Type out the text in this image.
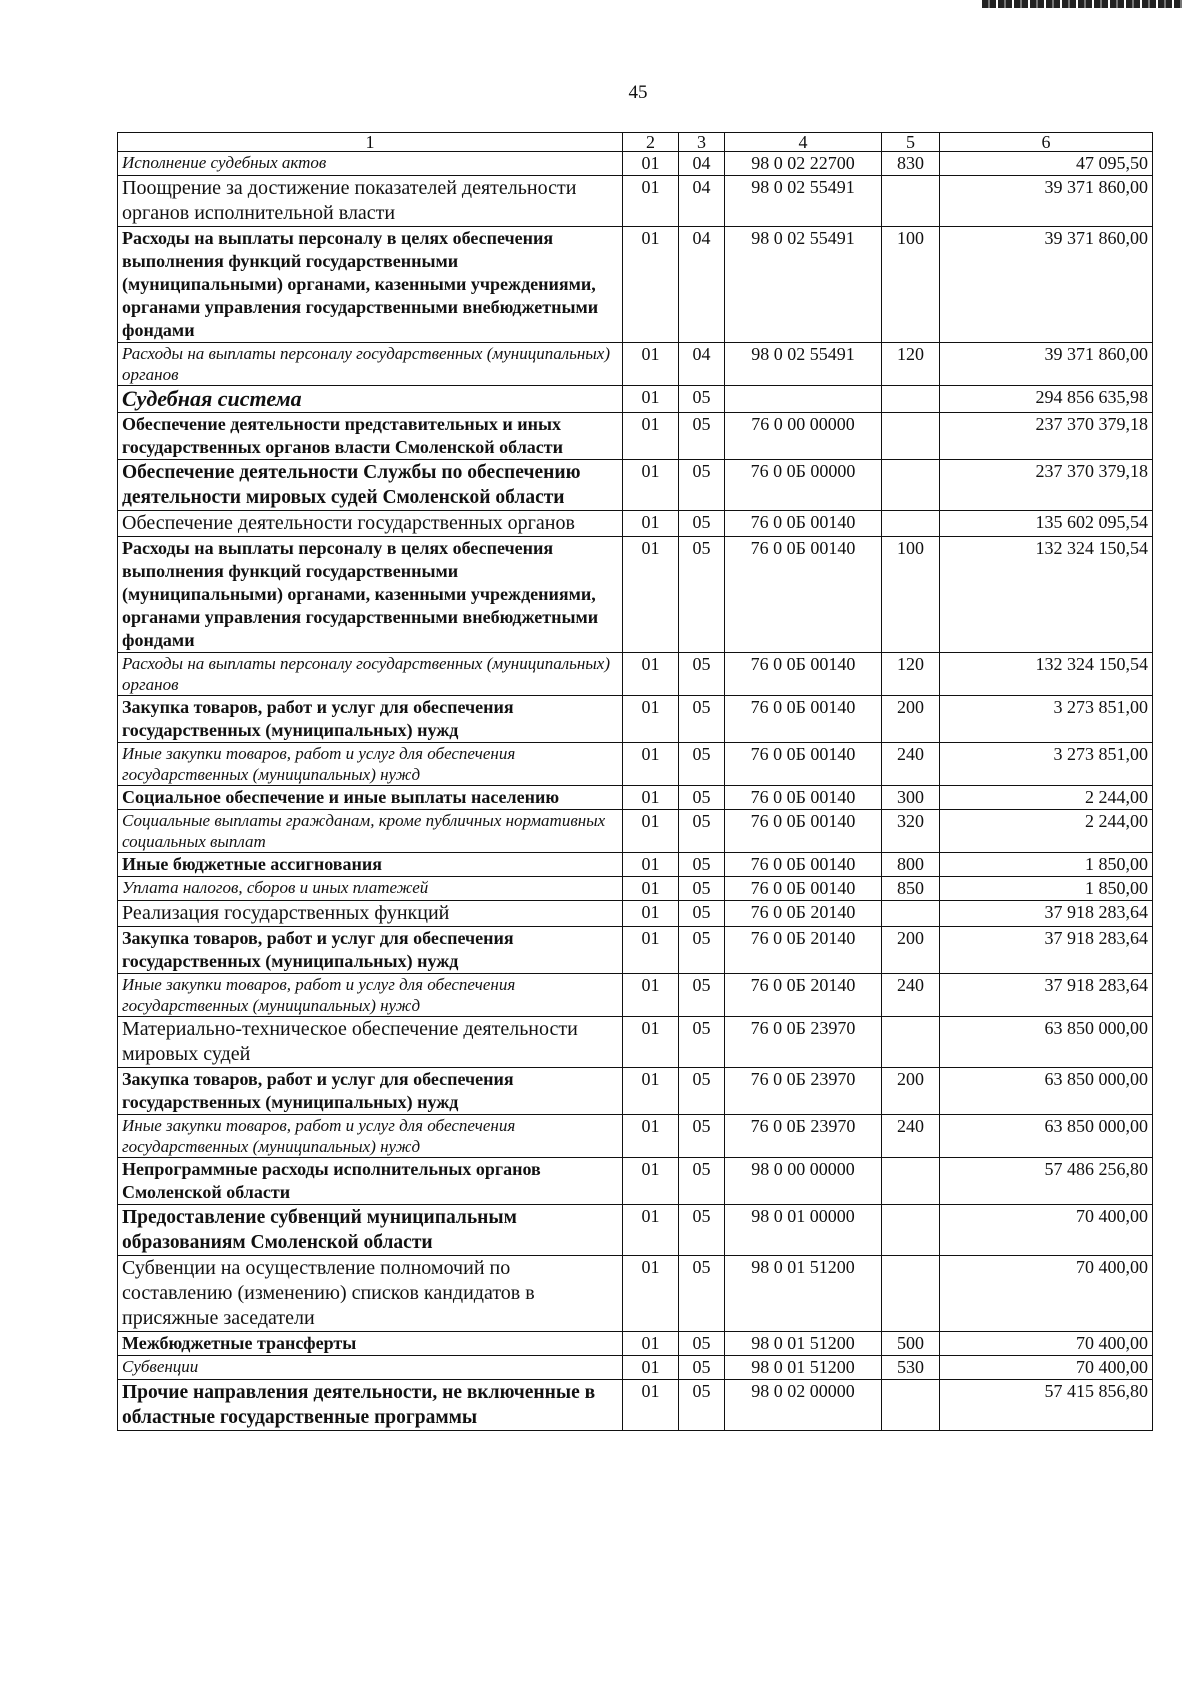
45
1	2	3	4	5	6
Исполнение судебных актов	01	04	98 0 02 22700	830	47 095,50
Поощрение за достижение показателей деятельности органов исполнительной власти	01	04	98 0 02 55491		39 371 860,00
Расходы на выплаты персоналу в целях обеспечения выполнения функций государственными (муниципальными) органами, казенными учреждениями, органами управления государственными внебюджетными фондами	01	04	98 0 02 55491	100	39 371 860,00
Расходы на выплаты персоналу государственных (муниципальных) органов	01	04	98 0 02 55491	120	39 371 860,00
Судебная система	01	05			294 856 635,98
Обеспечение деятельности представительных и иных государственных органов власти Смоленской области	01	05	76 0 00 00000		237 370 379,18
Обеспечение деятельности Службы по обеспечению деятельности мировых судей Смоленской области	01	05	76 0 0Б 00000		237 370 379,18
Обеспечение деятельности государственных органов	01	05	76 0 0Б 00140		135 602 095,54
Расходы на выплаты персоналу в целях обеспечения выполнения функций государственными (муниципальными) органами, казенными учреждениями, органами управления государственными внебюджетными фондами	01	05	76 0 0Б 00140	100	132 324 150,54
Расходы на выплаты персоналу государственных (муниципальных) органов	01	05	76 0 0Б 00140	120	132 324 150,54
Закупка товаров, работ и услуг для обеспечения государственных (муниципальных) нужд	01	05	76 0 0Б 00140	200	3 273 851,00
Иные закупки товаров, работ и услуг для обеспечения государственных (муниципальных) нужд	01	05	76 0 0Б 00140	240	3 273 851,00
Социальное обеспечение и иные выплаты населению	01	05	76 0 0Б 00140	300	2 244,00
Социальные выплаты гражданам, кроме публичных нормативных социальных выплат	01	05	76 0 0Б 00140	320	2 244,00
Иные бюджетные ассигнования	01	05	76 0 0Б 00140	800	1 850,00
Уплата налогов, сборов и иных платежей	01	05	76 0 0Б 00140	850	1 850,00
Реализация государственных функций	01	05	76 0 0Б 20140		37 918 283,64
Закупка товаров, работ и услуг для обеспечения государственных (муниципальных) нужд	01	05	76 0 0Б 20140	200	37 918 283,64
Иные закупки товаров, работ и услуг для обеспечения государственных (муниципальных) нужд	01	05	76 0 0Б 20140	240	37 918 283,64
Материально-техническое обеспечение деятельности мировых судей	01	05	76 0 0Б 23970		63 850 000,00
Закупка товаров, работ и услуг для обеспечения государственных (муниципальных) нужд	01	05	76 0 0Б 23970	200	63 850 000,00
Иные закупки товаров, работ и услуг для обеспечения государственных (муниципальных) нужд	01	05	76 0 0Б 23970	240	63 850 000,00
Непрограммные расходы исполнительных органов Смоленской области	01	05	98 0 00 00000		57 486 256,80
Предоставление субвенций муниципальным образованиям Смоленской области	01	05	98 0 01 00000		70 400,00
Субвенции на осуществление полномочий по составлению (изменению) списков кандидатов в присяжные заседатели	01	05	98 0 01 51200		70 400,00
Межбюджетные трансферты	01	05	98 0 01 51200	500	70 400,00
Субвенции	01	05	98 0 01 51200	530	70 400,00
Прочие направления деятельности, не включенные в областные государственные программы	01	05	98 0 02 00000		57 415 856,80
